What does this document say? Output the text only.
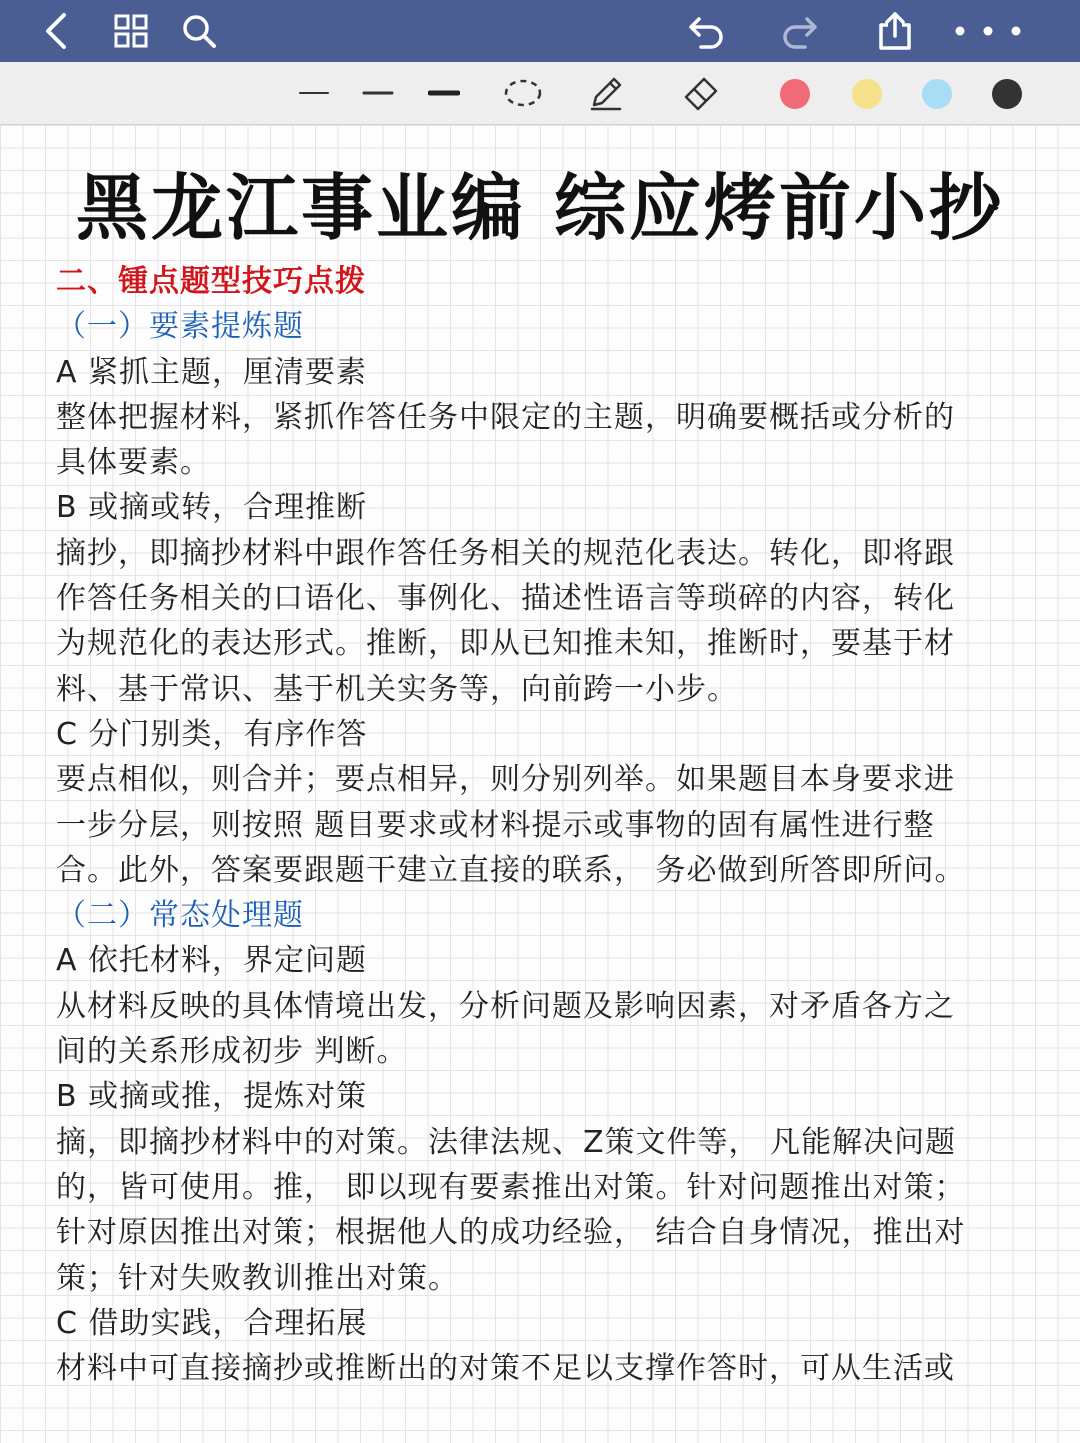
黑龙江事业编 综应烤前小抄
二、锺点题型技巧点拨
（一）要素提炼题
A 紧抓主题，厘清要素
整体把握材料，紧抓作答任务中限定的主题，明确要概括或分析的
具体要素。
B 或摘或转，合理推断
摘抄，即摘抄材料中跟作答任务相关的规范化表达。转化，即将跟
作答任务相关的口语化、事例化、描述性语言等琐碎的内容，转化
为规范化的表达形式。推断，即从已知推未知，推断时，要基于材
料、基于常识、基于机关实务等，向前跨一小步。
C 分门别类，有序作答
要点相似，则合并；要点相异，则分别列举。如果题目本身要求进
一步分层，则按照 题目要求或材料提示或事物的固有属性进行整
合。此外，答案要跟题干建立直接的联系， 务必做到所答即所问。
（二）常态处理题
A 依托材料，界定问题
从材料反映的具体情境出发，分析问题及影响因素，对矛盾各方之
间的关系形成初步 判断。
B 或摘或推，提炼对策
摘，即摘抄材料中的对策。法律法规、Z策文件等， 凡能解决问题
的，皆可使用。推， 即以现有要素推出对策。针对问题推出对策；
针对原因推出对策；根据他人的成功经验， 结合自身情况，推出对
策；针对失败教训推出对策。
C 借助实践，合理拓展
材料中可直接摘抄或推断出的对策不足以支撑作答时，可从生活或
